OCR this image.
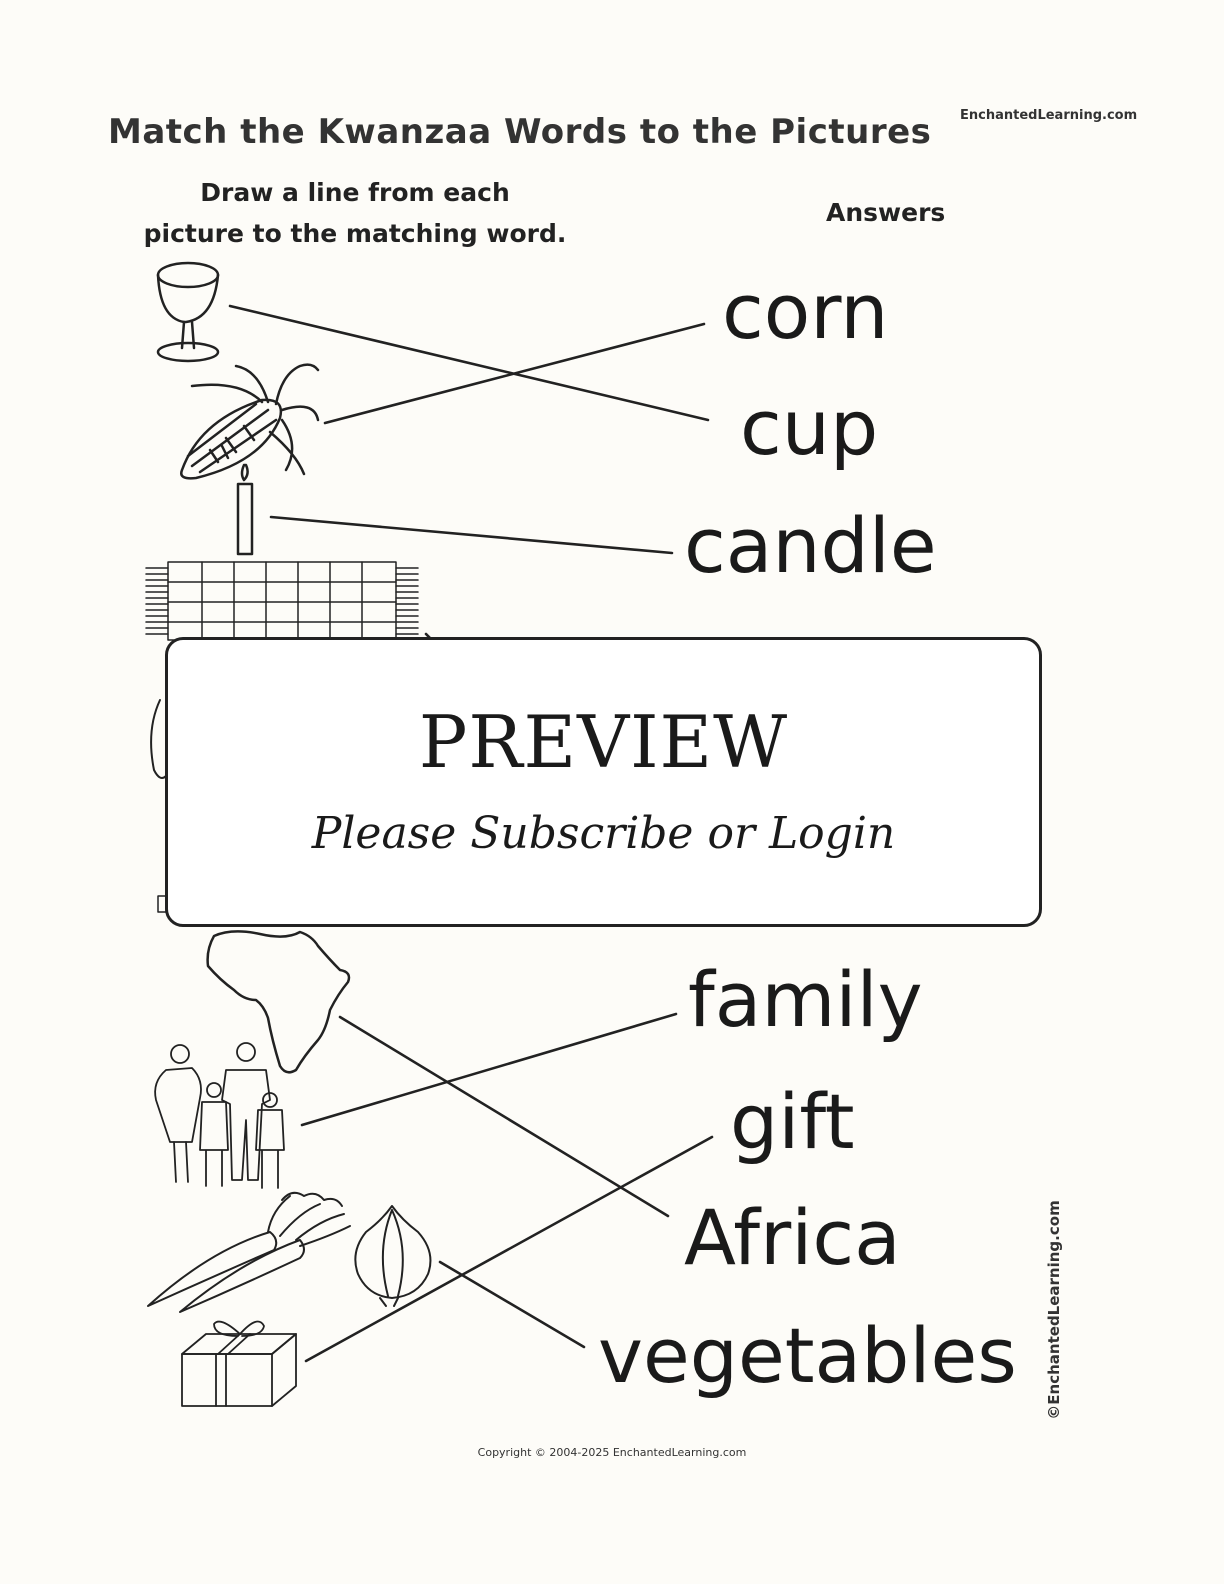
Match the Kwanzaa Words to the Pictures EnchantedLearning.com
Draw a line from each
picture to the matching word.
Answers
corn
cup
candle
family
gift
Africa
vegetables
PREVIEW
Please Subscribe or Login
©EnchantedLearning.com
Copyright © 2004-2025 EnchantedLearning.com
